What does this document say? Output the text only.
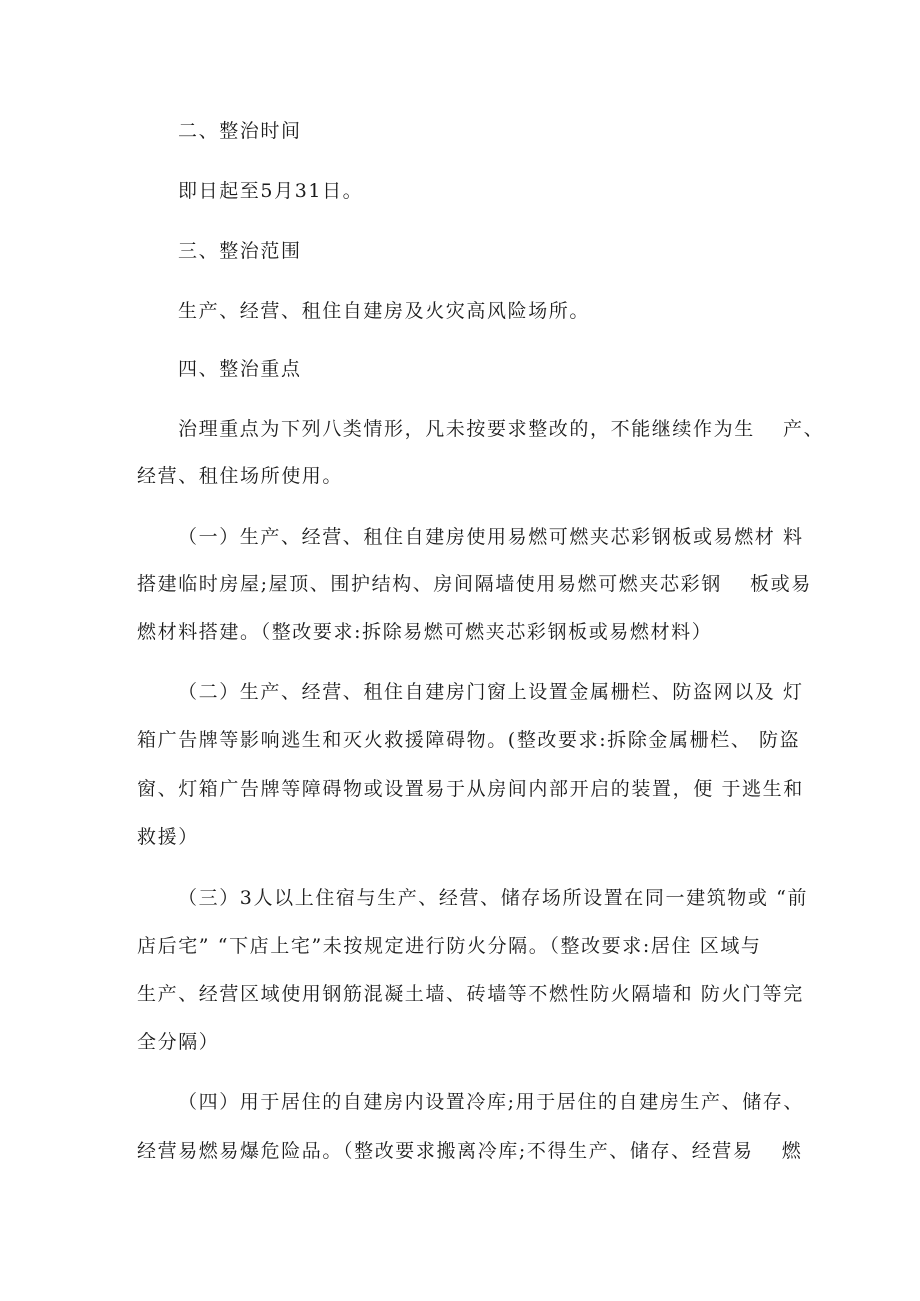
二、整治时间
即日起至5月31日。
三、整治范围
生产、经营、租住自建房及火灾高风险场所。
四、整治重点
治理重点为下列八类情形，凡未按要求整改的，不能继续作为生　 产、
经营、租住场所使用。
（一）生产、经营、租住自建房使用易燃可燃夹芯彩钢板或易燃材 料
搭建临时房屋;屋顶、围护结构、房间隔墙使用易燃可燃夹芯彩钢　 板或易
燃材料搭建。（整改要求:拆除易燃可燃夹芯彩钢板或易燃材料）
（二）生产、经营、租住自建房门窗上设置金属栅栏、防盗网以及 灯
箱广告牌等影响逃生和灭火救援障碍物。(整改要求:拆除金属栅栏、 防盗
窗、灯箱广告牌等障碍物或设置易于从房间内部开启的装置，便 于逃生和
救援）
（三）3人以上住宿与生产、经营、储存场所设置在同一建筑物或 “前
店后宅” “下店上宅”未按规定进行防火分隔。（整改要求:居住 区域与
生产、经营区域使用钢筋混凝土墙、砖墙等不燃性防火隔墙和 防火门等完
全分隔）
（四）用于居住的自建房内设置冷库;用于居住的自建房生产、储存、
经营易燃易爆危险品。（整改要求搬离冷库;不得生产、储存、经营易　 燃
